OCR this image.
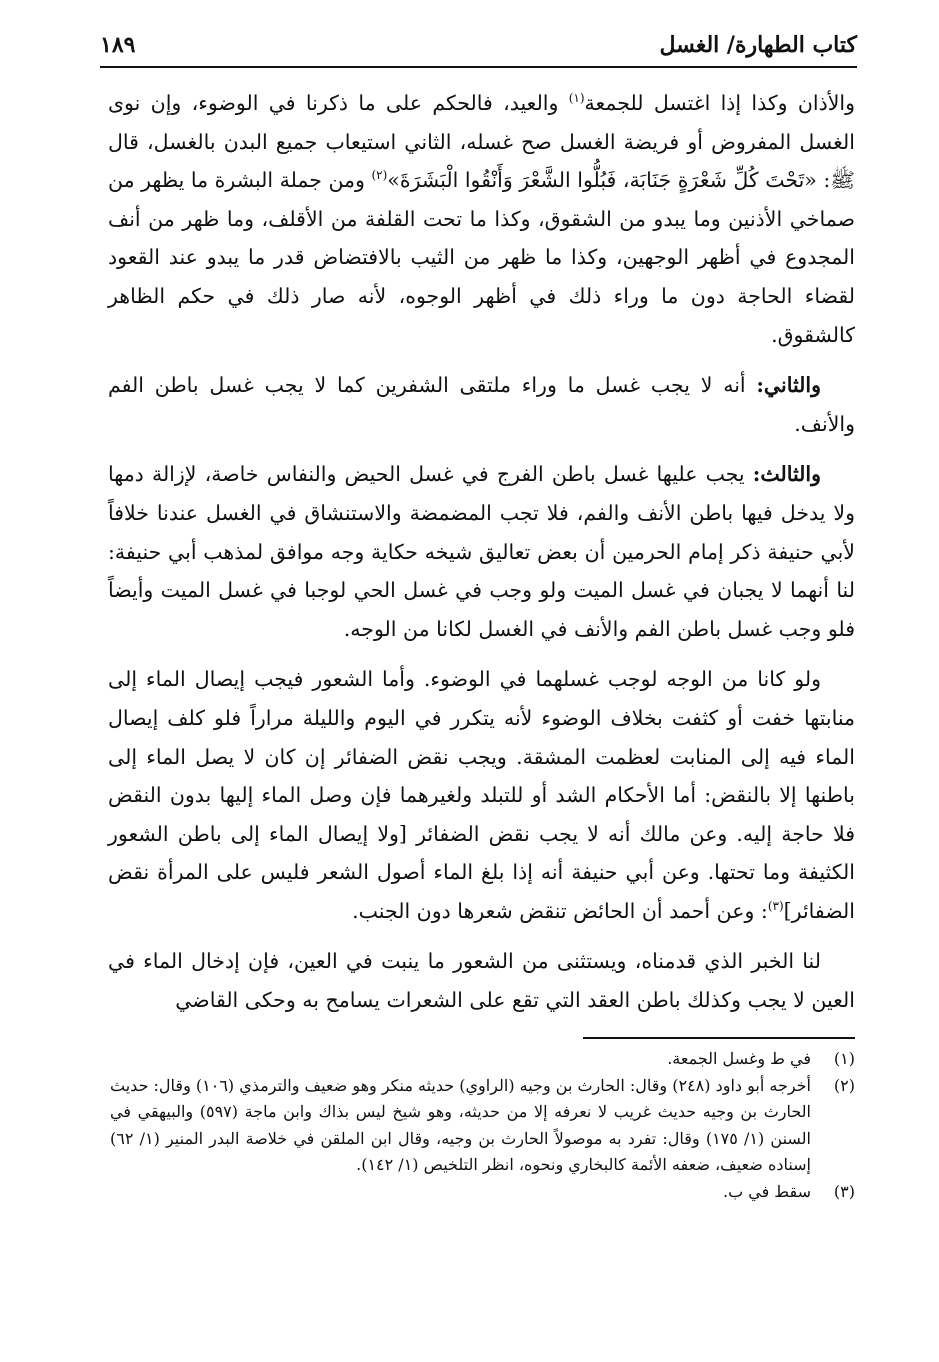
كتاب الطهارة/ الغسل
١٨٩

والأذان وكذا إذا اغتسل للجمعة$^{(١)}$ والعيد، فالحكم على ما ذكرنا في الوضوء، وإن نوى الغسل المفروض أو فريضة الغسل صح غسله، الثاني استيعاب جميع البدن بالغسل، قال ﷺ: «تَحْتَ كُلِّ شَعْرَةٍ جَنَابَة، فَبُلُّوا الشَّعْرَ وَأَنْقُوا الْبَشَرَةَ»$^{(٢)}$ ومن جملة البشرة ما يظهر من صماخي الأذنين وما يبدو من الشقوق، وكذا ما تحت القلفة من الأقلف، وما ظهر من أنف المجدوع في أظهر الوجهين، وكذا ما ظهر من الثيب بالافتضاض قدر ما يبدو عند القعود لقضاء الحاجة دون ما وراء ذلك في أظهر الوجوه، لأنه صار ذلك في حكم الظاهر كالشقوق.

والثاني: أنه لا يجب غسل ما وراء ملتقى الشفرين كما لا يجب غسل باطن الفم والأنف.

والثالث: يجب عليها غسل باطن الفرج في غسل الحيض والنفاس خاصة، لإزالة دمها ولا يدخل فيها باطن الأنف والفم، فلا تجب المضمضة والاستنشاق في الغسل عندنا خلافاً لأبي حنيفة ذكر إمام الحرمين أن بعض تعاليق شيخه حكاية وجه موافق لمذهب أبي حنيفة: لنا أنهما لا يجبان في غسل الميت ولو وجب في غسل الحي لوجبا في غسل الميت وأيضاً فلو وجب غسل باطن الفم والأنف في الغسل لكانا من الوجه.

ولو كانا من الوجه لوجب غسلهما في الوضوء. وأما الشعور فيجب إيصال الماء إلى منابتها خفت أو كثفت بخلاف الوضوء لأنه يتكرر في اليوم والليلة مراراً فلو كلف إيصال الماء فيه إلى المنابت لعظمت المشقة. ويجب نقض الضفائر إن كان لا يصل الماء إلى باطنها إلا بالنقض: أما الأحكام الشد أو للتبلد ولغيرهما فإن وصل الماء إليها بدون النقض فلا حاجة إليه. وعن مالك أنه لا يجب نقض الضفائر [ولا إيصال الماء إلى باطن الشعور الكثيفة وما تحتها. وعن أبي حنيفة أنه إذا بلغ الماء أصول الشعر فليس على المرأة نقض الضفائر]$^{(٣)}$: وعن أحمد أن الحائض تنقض شعرها دون الجنب.

لنا الخبر الذي قدمناه، ويستثنى من الشعور ما ينبت في العين، فإن إدخال الماء في العين لا يجب وكذلك باطن العقد التي تقع على الشعرات يسامح به وحكى القاضي

(١)
في ط وغسل الجمعة.
(٢)
أخرجه أبو داود (٢٤٨) وقال: الحارث بن وجيه (الراوي) حديثه منكر وهو ضعيف والترمذي (١٠٦) وقال: حديث الحارث بن وجيه حديث غريب لا نعرفه إلا من حديثه، وهو شيخ ليس بذاك وابن ماجة (٥٩٧) والبيهقي في السنن (١/ ١٧٥) وقال: تفرد به موصولاً الحارث بن وجيه، وقال ابن الملقن في خلاصة البدر المنير (١/ ٦٢) إسناده ضعيف، ضعفه الأئمة كالبخاري ونحوه، انظر التلخيص (١/ ١٤٢).
(٣)
سقط في ب.
